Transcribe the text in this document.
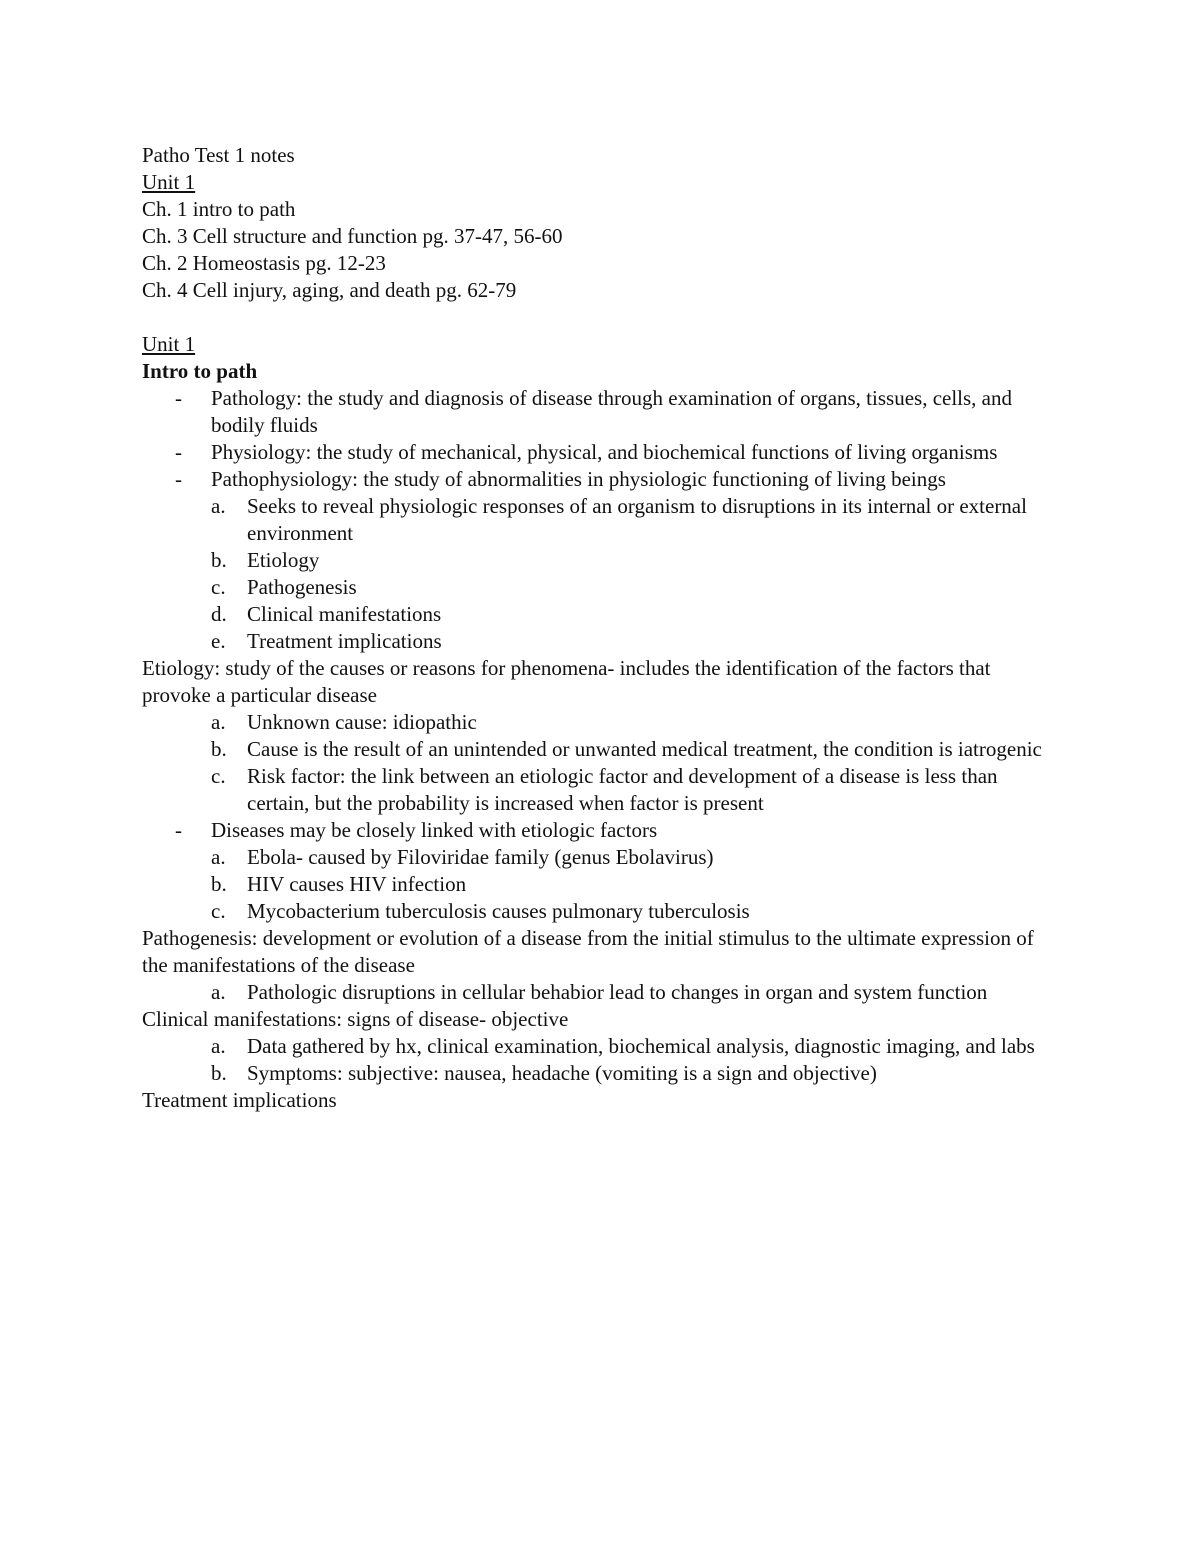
Patho Test 1 notes
Unit 1
Ch. 1 intro to path
Ch. 3 Cell structure and function pg. 37-47, 56-60
Ch. 2 Homeostasis pg. 12-23
Ch. 4 Cell injury, aging, and death pg. 62-79
Unit 1
Intro to path
- Pathology: the study and diagnosis of disease through examination of organs, tissues, cells, and bodily fluids
- Physiology: the study of mechanical, physical, and biochemical functions of living organisms
- Pathophysiology: the study of abnormalities in physiologic functioning of living beings
a. Seeks to reveal physiologic responses of an organism to disruptions in its internal or external environment
b. Etiology
c. Pathogenesis
d. Clinical manifestations
e. Treatment implications
Etiology: study of the causes or reasons for phenomena- includes the identification of the factors that provoke a particular disease
a. Unknown cause: idiopathic
b. Cause is the result of an unintended or unwanted medical treatment, the condition is iatrogenic
c. Risk factor: the link between an etiologic factor and development of a disease is less than certain, but the probability is increased when factor is present
- Diseases may be closely linked with etiologic factors
a. Ebola- caused by Filoviridae family (genus Ebolavirus)
b. HIV causes HIV infection
c. Mycobacterium tuberculosis causes pulmonary tuberculosis
Pathogenesis: development or evolution of a disease from the initial stimulus to the ultimate expression of the manifestations of the disease
a. Pathologic disruptions in cellular behabior lead to changes in organ and system function
Clinical manifestations: signs of disease- objective
a. Data gathered by hx, clinical examination, biochemical analysis, diagnostic imaging, and labs
b. Symptoms: subjective: nausea, headache (vomiting is a sign and objective)
Treatment implications
